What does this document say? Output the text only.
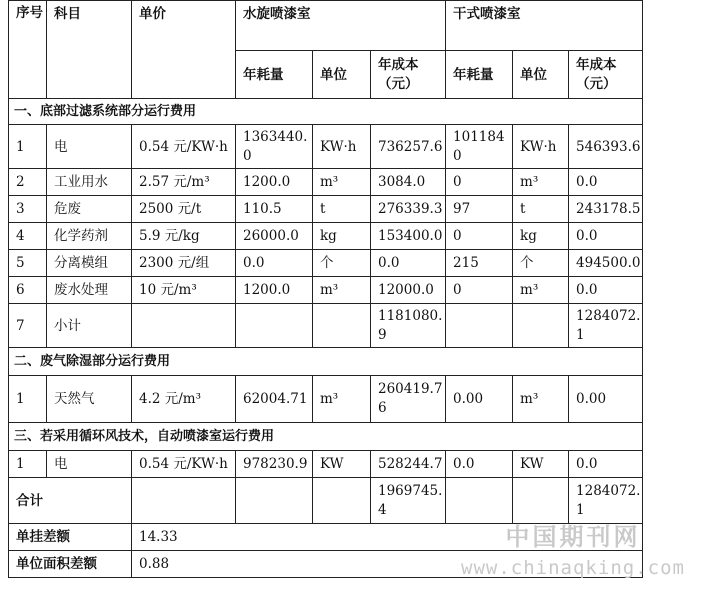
序号	科目	单价	水旋喷漆室			干式喷漆室		
			年耗量	单位	年成本（元）	年耗量	单位	年成本（元）
一、底部过滤系统部分运行费用								
1	电	0.54 元/KW·h	1363440.0	KW·h	736257.6	1011840	KW·h	546393.6
2	工业用水	2.57 元/m³	1200.0	m³	3084.0	0	m³	0.0
3	危废	2500 元/t	110.5	t	276339.3	97	t	243178.5
4	化学药剂	5.9 元/kg	26000.0	kg	153400.0	0	kg	0.0
5	分离模组	2300 元/组	0.0	个	0.0	215	个	494500.0
6	废水处理	10 元/m³	1200.0	m³	12000.0	0	m³	0.0
7	小计				1181080.9			1284072.1
二、废气除湿部分运行费用								
1	天然气	4.2 元/m³	62004.71	m³	260419.76	0.00	m³	0.00
三、若采用循环风技术，自动喷漆室运行费用								
1	电	0.54 元/KW·h	978230.9	KW	528244.7	0.0	KW	0.0
合计					1969745.4			1284072.1
单挂差额		14.33						
单位面积差额		0.88						
中国期刊网
www.chinaqking.com
